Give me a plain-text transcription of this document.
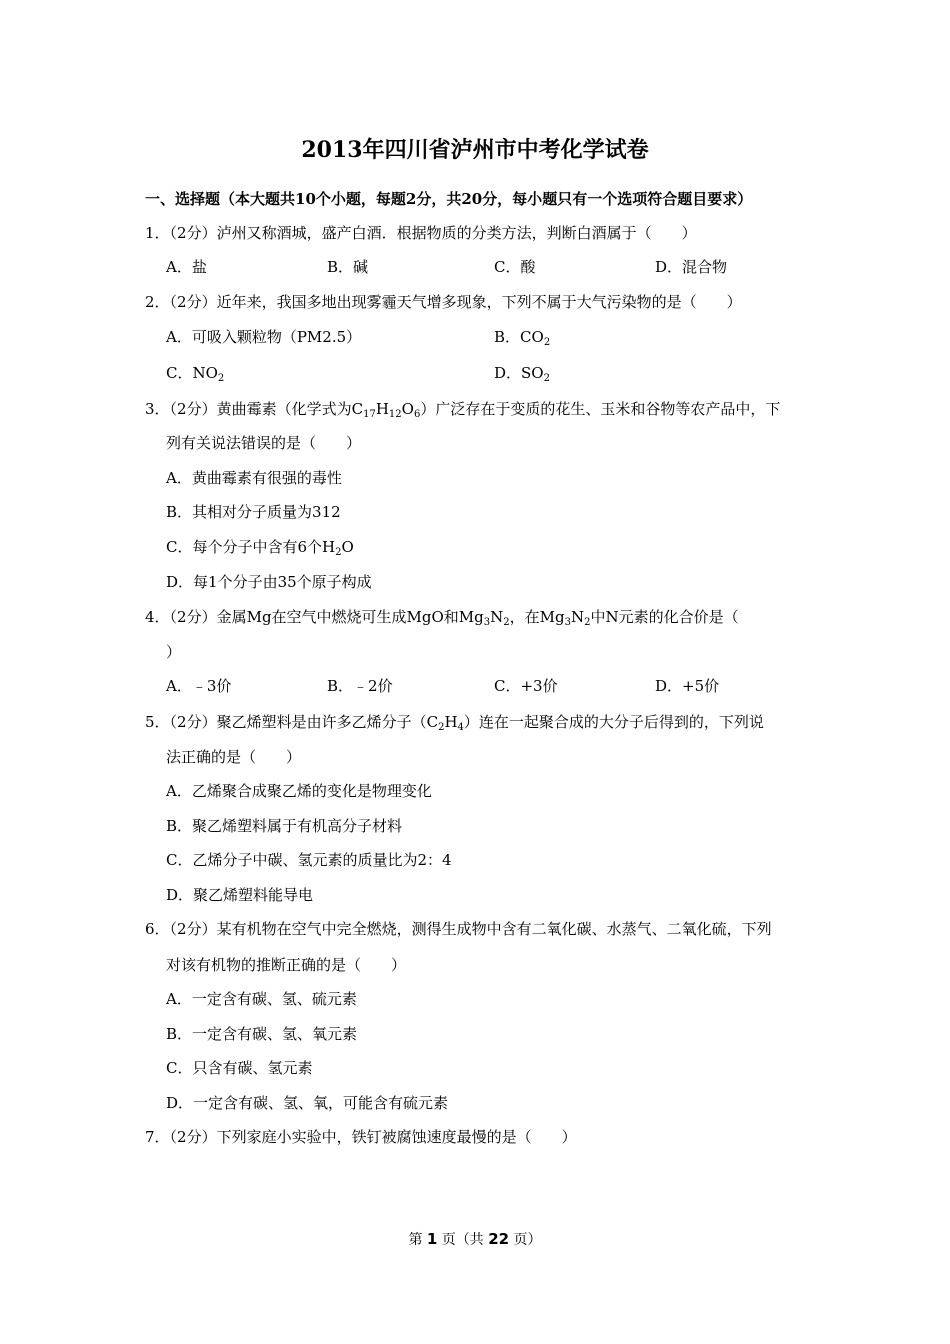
2013年四川省泸州市中考化学试卷
一、选择题（本大题共10个小题，每题2分，共20分，每小题只有一个选项符合题目要求）
1．（2分）泸州又称酒城，盛产白酒．根据物质的分类方法，判断白酒属于（　　）
A．盐	B．碱	C．酸	D．混合物
2．（2分）近年来，我国多地出现雾霾天气增多现象，下列不属于大气污染物的是（　　）
A．可吸入颗粒物（PM2.5）	B．$CO_2$
C．$NO_2$	D．$SO_2$
3．（2分）黄曲霉素（化学式为$C_{17}H_{12}O_6$）广泛存在于变质的花生、玉米和谷物等农产品中，下
列有关说法错误的是（　　）
A．黄曲霉素有很强的毒性
B．其相对分子质量为312
C．每个分子中含有6个$H_2O$
D．每1个分子由35个原子构成
4．（2分）金属Mg在空气中燃烧可生成MgO和$Mg_3N_2$，在$Mg_3N_2$中N元素的化合价是（
）
A．﹣3价	B．﹣2价	C．+3价	D．+5价
5．（2分）聚乙烯塑料是由许多乙烯分子$(C_2H_4)$连在一起聚合成的大分子后得到的，下列说
法正确的是（　　）
A．乙烯聚合成聚乙烯的变化是物理变化
B．聚乙烯塑料属于有机高分子材料
C．乙烯分子中碳、氢元素的质量比为2：4
D．聚乙烯塑料能导电
6．（2分）某有机物在空气中完全燃烧，测得生成物中含有二氧化碳、水蒸气、二氧化硫，下列
对该有机物的推断正确的是（　　）
A．一定含有碳、氢、硫元素
B．一定含有碳、氢、氧元素
C．只含有碳、氢元素
D．一定含有碳、氢、氧，可能含有硫元素
7．（2分）下列家庭小实验中，铁钉被腐蚀速度最慢的是（　　）
第 1 页（共 22 页）
